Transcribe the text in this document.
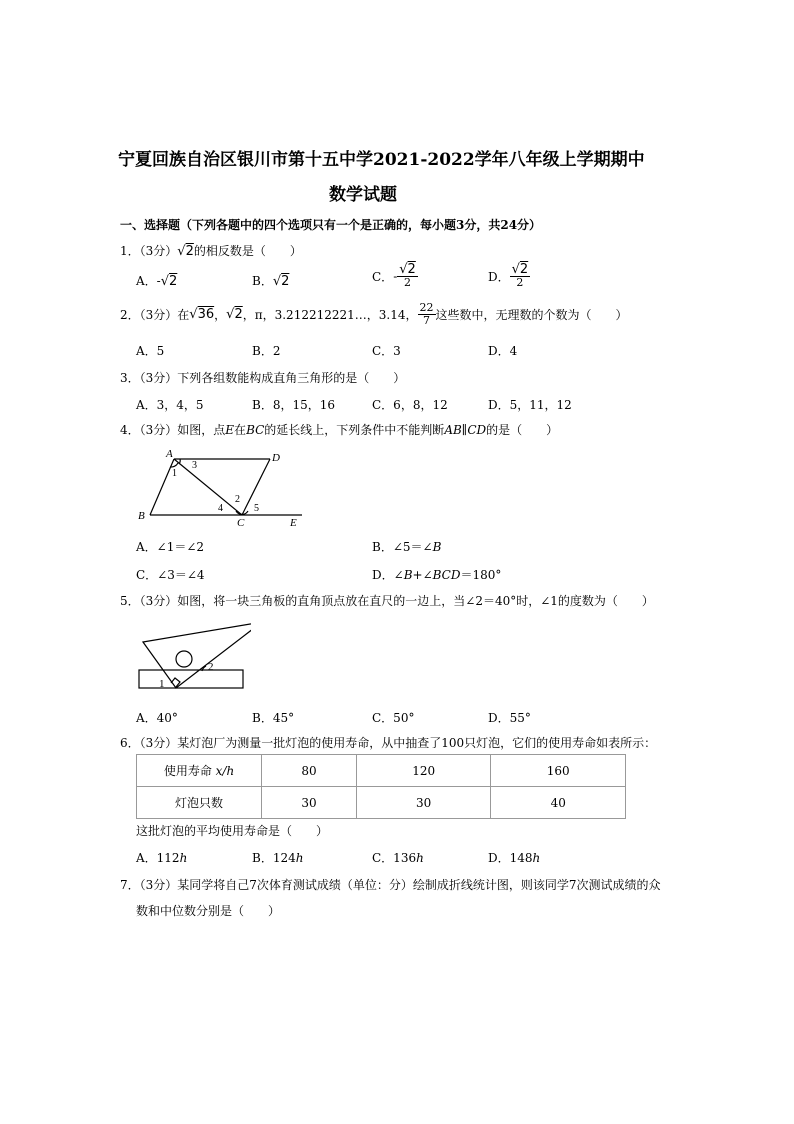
宁夏回族自治区银川市第十五中学2021-2022学年八年级上学期期中
数学试题
一、选择题（下列各题中的四个选项只有一个是正确的，每小题3分，共24分）
1．（3分）√2的相反数是（　　）
A．-√2	B．√2	C．- $\frac{√2}{2}$	D． $\frac{√2}{2}$
2．（3分）在√36，√2，π，3.212212221…，3.14， $\frac{22}{7}$ 这些数中，无理数的个数为（　　）
A．5	B．2	C．3	D．4
3．（3分）下列各组数能构成直角三角形的是（　　）
A．3，4，5	B．8，15，16	C．6，8，12	D．5，11，12
4．（3分）如图，点E在BC的延长线上，下列条件中不能判断AB∥CD的是（　　）
A	D
B
C	E
1
2
3
4	5
A．∠1＝∠2	B．∠5＝∠B
C．∠3＝∠4	D．∠B+∠BCD＝180°
5．（3分）如图，将一块三角板的直角顶点放在直尺的一边上，当∠2＝40°时，∠1的度数为（　　）
1
2
A．40°	B．45°	C．50°	D．55°
6．（3分）某灯泡厂为测量一批灯泡的使用寿命，从中抽查了100只灯泡，它们的使用寿命如表所示：
使用寿命 x/h	80	120	160
灯泡只数	30	30	40
这批灯泡的平均使用寿命是（　　）
A．112h	B．124h	C．136h	D．148h
7．（3分）某同学将自己7次体育测试成绩（单位：分）绘制成折线统计图，则该同学7次测试成绩的众
数和中位数分别是（　　）
